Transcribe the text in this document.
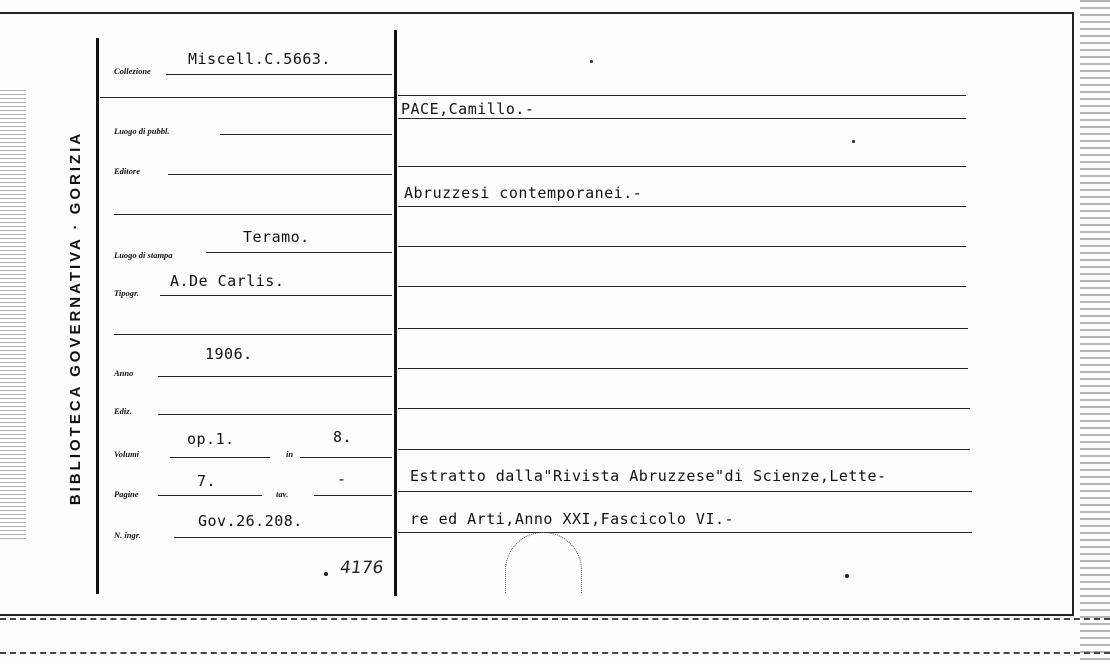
BIBLIOTECA GOVERNATIVA · GORIZIA
Collezione
Miscell.C.5663.
Luogo di pubbl.
Editore
Luogo di stampa
Teramo.
Tipogr.
A.De Carlis.
Anno
1906.
Ediz.
Volumi
op.1.
in
8.
Pagine
7.
tav.
-
N. ingr.
Gov.26.208.
4176
PACE,Camillo.-
Abruzzesi contemporanei.-
Estratto dalla"Rivista Abruzzese"di Scienze,Lette-
re ed Arti,Anno XXI,Fascicolo VI.-
